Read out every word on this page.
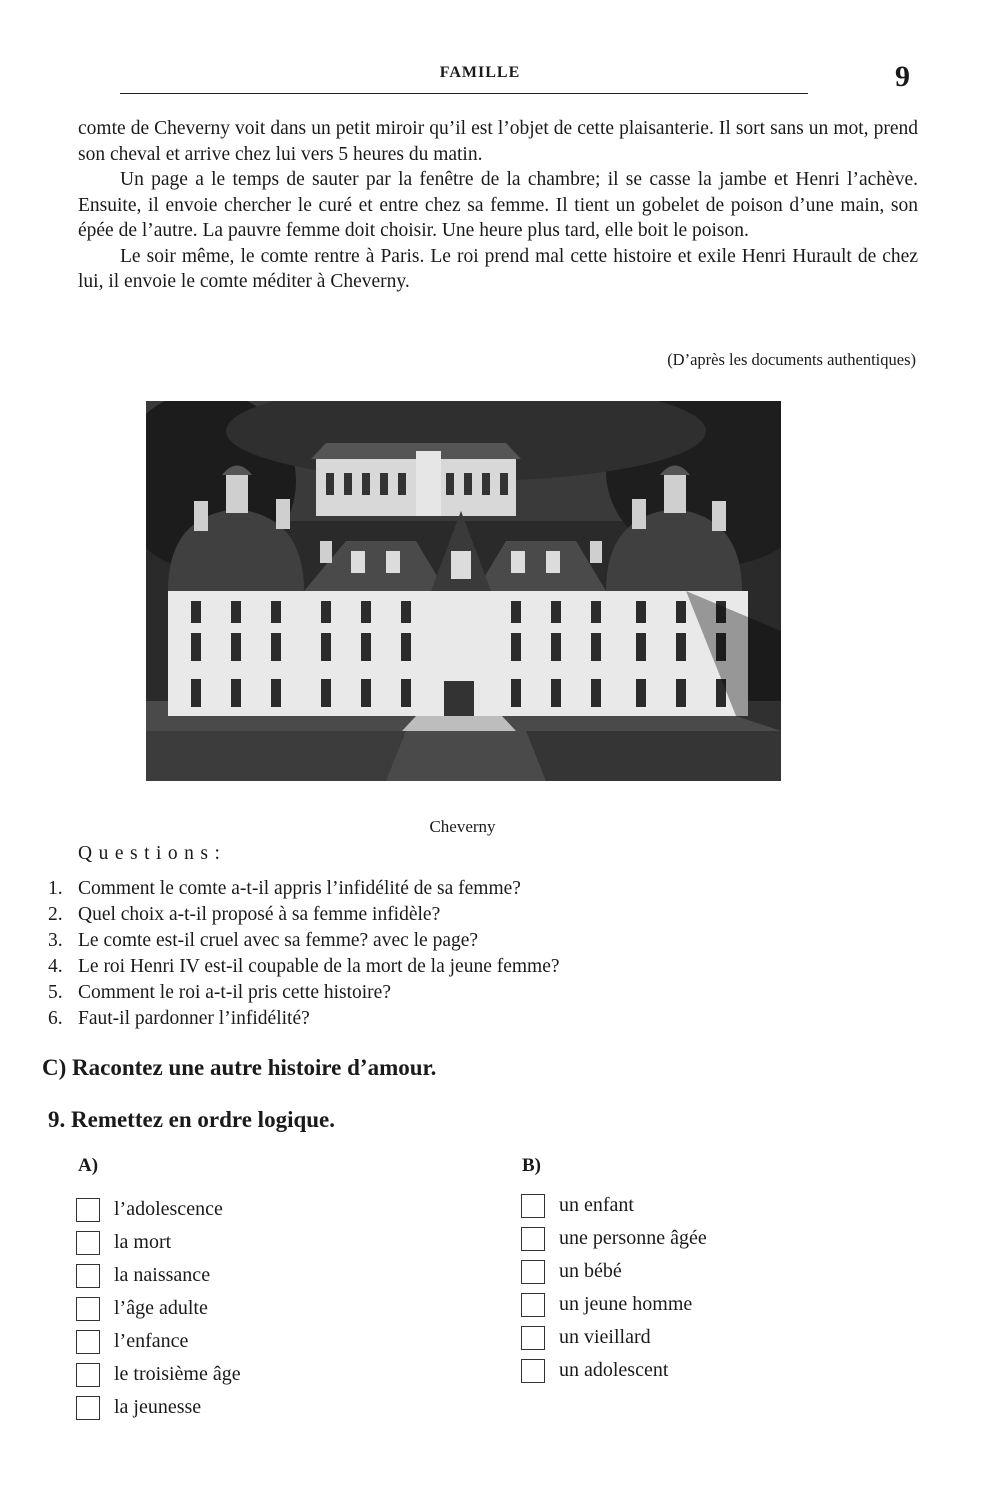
FAMILLE	9

comte de Cheverny voit dans un petit miroir qu’il est l’objet de cette plaisanterie. Il sort sans un mot, prend son cheval et arrive chez lui vers 5 heures du matin.

Un page a le temps de sauter par la fenêtre de la chambre; il se casse la jambe et Henri l’achève. Ensuite, il envoie chercher le curé et entre chez sa femme. Il tient un gobelet de poison d’une main, son épée de l’autre. La pauvre femme doit choisir. Une heure plus tard, elle boit le poison.

Le soir même, le comte rentre à Paris. Le roi prend mal cette histoire et exile Henri Hurault de chez lui, il envoie le comte méditer à Cheverny.

(D’après les documents authentiques)
Cheverny
Questions:
1. Comment le comte a-t-il appris l’infidélité de sa femme?
2. Quel choix a-t-il proposé à sa femme infidèle?
3. Le comte est-il cruel avec sa femme? avec le page?
4. Le roi Henri IV est-il coupable de la mort de la jeune femme?
5. Comment le roi a-t-il pris cette histoire?
6. Faut-il pardonner l’infidélité?
C) Racontez une autre histoire d’amour.
9. Remettez en ordre logique.
A)	B)
l’adolescence
la mort
la naissance
l’âge adulte
l’enfance
le troisième âge
la jeunesse
un enfant
une personne âgée
un bébé
un jeune homme
un vieillard
un adolescent
